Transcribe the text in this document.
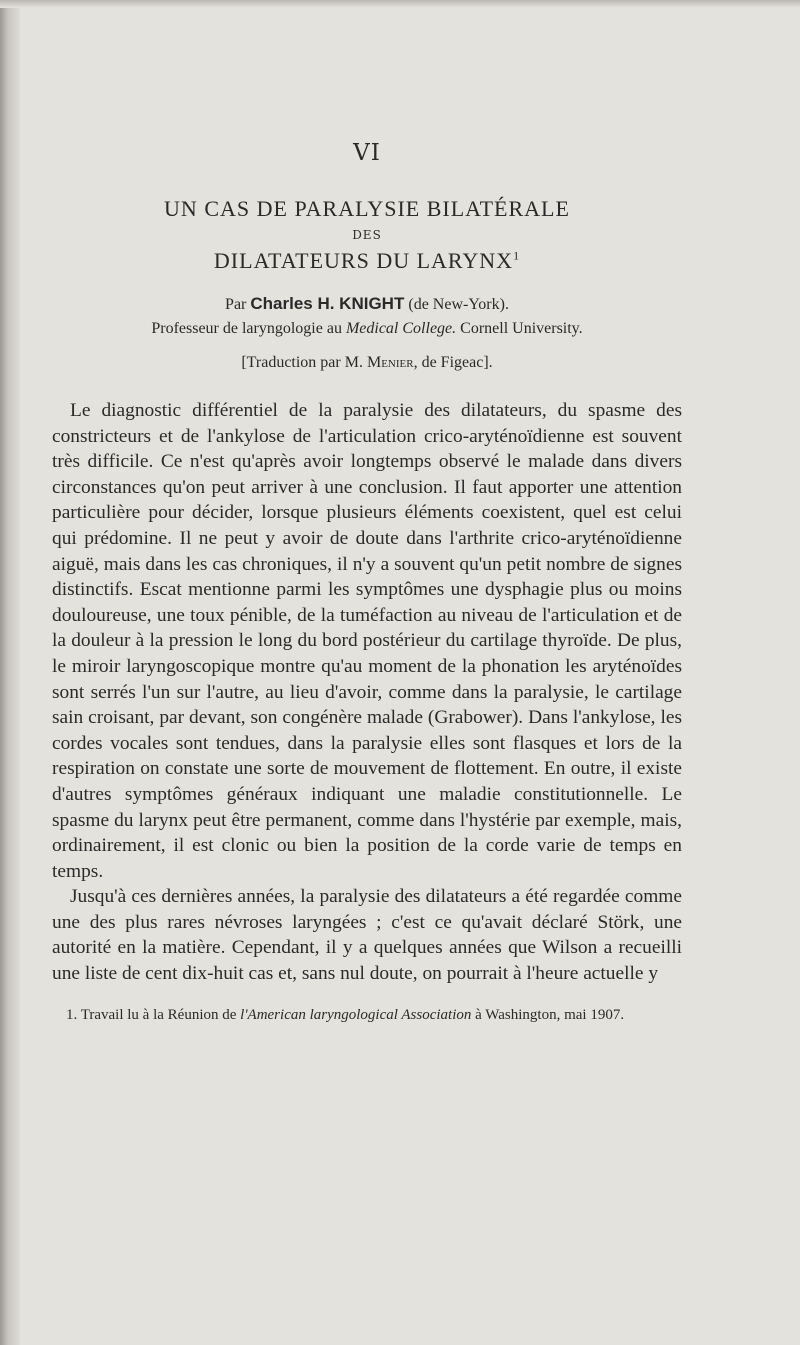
VI
UN CAS DE PARALYSIE BILATÉRALE
DES
DILATATEURS DU LARYNX$^1$
Par Charles H. KNIGHT (de New-York).
Professeur de laryngologie au Medical College. Cornell University.
[Traduction par M. Menier, de Figeac].

Le diagnostic différentiel de la paralysie des dilatateurs, du spasme des constricteurs et de l'ankylose de l'articulation crico-aryténoïdienne est souvent très difficile. Ce n'est qu'après avoir longtemps observé le malade dans divers circonstances qu'on peut arriver à une conclusion. Il faut apporter une attention particulière pour décider, lorsque plusieurs éléments coexistent, quel est celui qui prédomine. Il ne peut y avoir de doute dans l'arthrite crico-aryténoïdienne aiguë, mais dans les cas chroniques, il n'y a souvent qu'un petit nombre de signes distinctifs. Escat mentionne parmi les symptômes une dysphagie plus ou moins douloureuse, une toux pénible, de la tuméfaction au niveau de l'articulation et de la douleur à la pression le long du bord postérieur du cartilage thyroïde. De plus, le miroir laryngoscopique montre qu'au moment de la phonation les aryténoïdes sont serrés l'un sur l'autre, au lieu d'avoir, comme dans la paralysie, le cartilage sain croisant, par devant, son congénère malade (Grabower). Dans l'ankylose, les cordes vocales sont tendues, dans la paralysie elles sont flasques et lors de la respiration on constate une sorte de mouvement de flottement. En outre, il existe d'autres symptômes généraux indiquant une maladie constitutionnelle. Le spasme du larynx peut être permanent, comme dans l'hystérie par exemple, mais, ordinairement, il est clonic ou bien la position de la corde varie de temps en temps.

Jusqu'à ces dernières années, la paralysie des dilatateurs a été regardée comme une des plus rares névroses laryngées ; c'est ce qu'avait déclaré Störk, une autorité en la matière. Cependant, il y a quelques années que Wilson a recueilli une liste de cent dix-huit cas et, sans nul doute, on pourrait à l'heure actuelle y

1. Travail lu à la Réunion de l'American laryngological Association à Washington, mai 1907.
